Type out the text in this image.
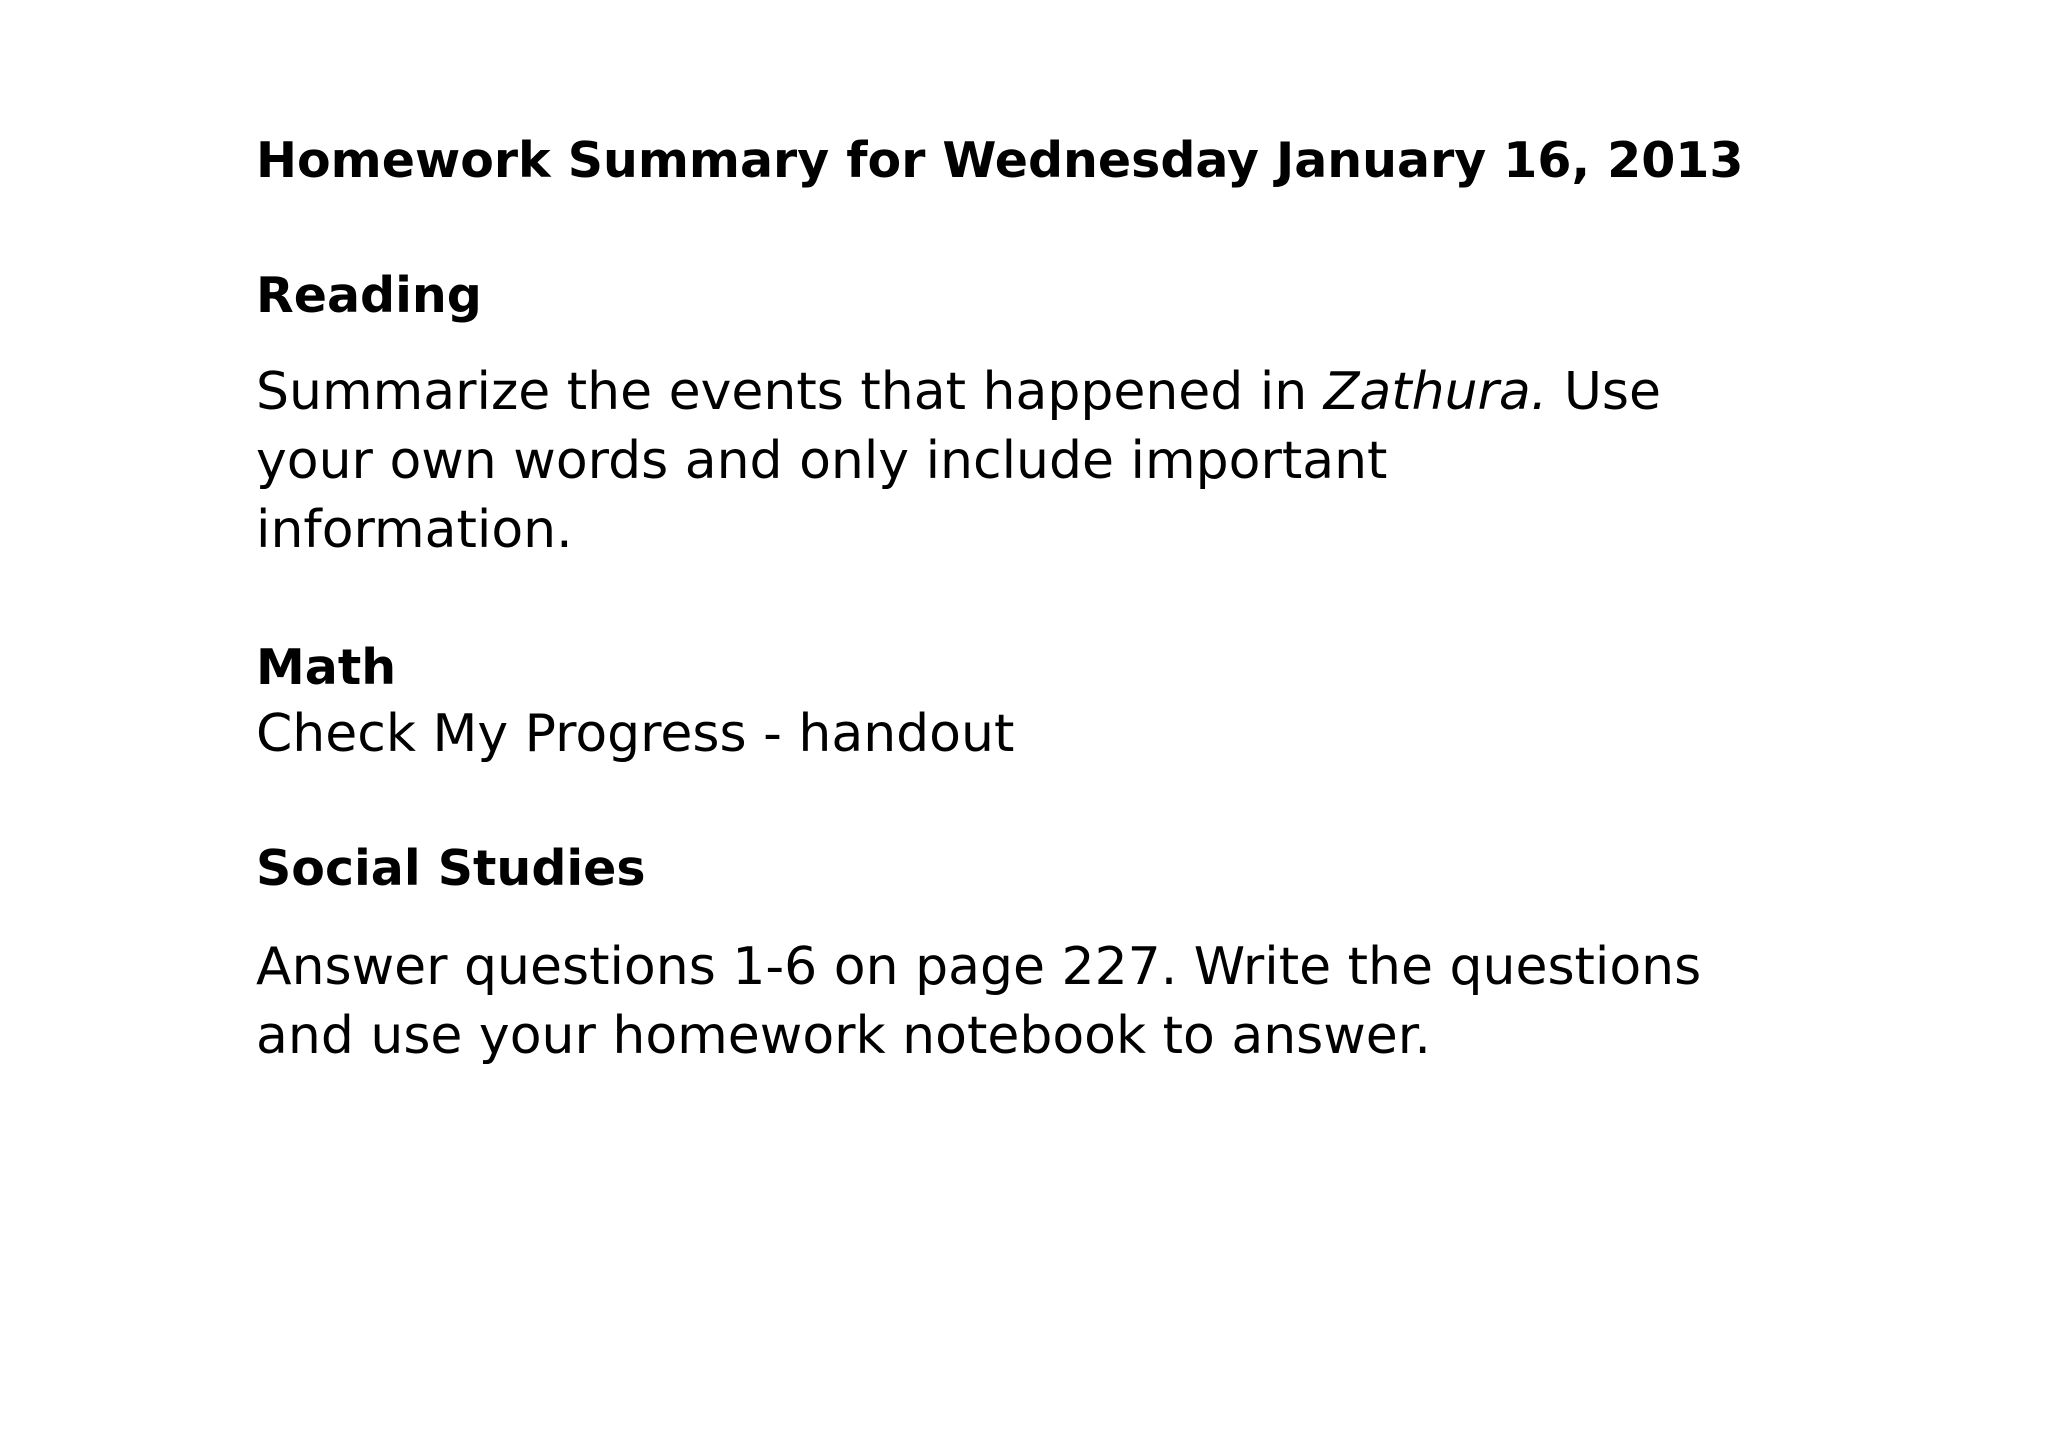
Homework Summary for Wednesday January 16, 2013
Reading
Summarize the events that happened in Zathura. Use
your own words and only include important
information.
Math
Check My Progress - handout
Social Studies
Answer questions 1-6 on page 227. Write the questions
and use your homework notebook to answer.
